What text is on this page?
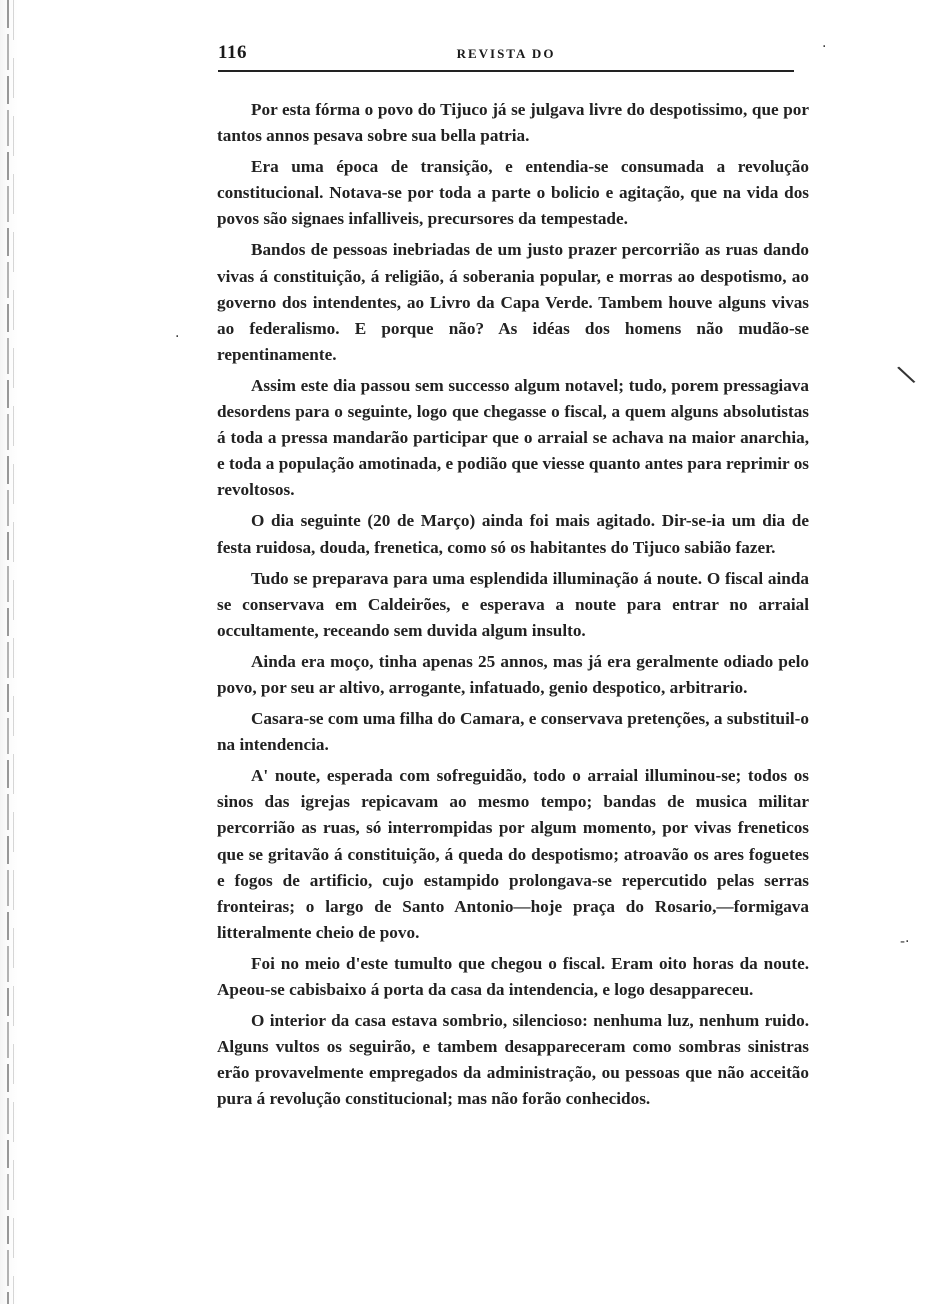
116	REVISTA DO

Por esta fórma o povo do Tijuco já se julgava livre do despotissimo, que por tantos annos pesava sobre sua bella patria.

Era uma época de transição, e entendia-se consumada a revolução constitucional. Notava-se por toda a parte o bolicio e agitação, que na vida dos povos são signaes infalliveis, precursores da tempestade.

Bandos de pessoas inebriadas de um justo prazer percorrião as ruas dando vivas á constituição, á religião, á soberania popular, e morras ao despotismo, ao governo dos intendentes, ao Livro da Capa Verde. Tambem houve alguns vivas ao federalismo. E porque não? As idéas dos homens não mudão-se repentinamente.

Assim este dia passou sem successo algum notavel; tudo, porem pressagiava desordens para o seguinte, logo que chegasse o fiscal, a quem alguns absolutistas á toda a pressa mandarão participar que o arraial se achava na maior anarchia, e toda a população amotinada, e podião que viesse quanto antes para reprimir os revoltosos.

O dia seguinte (20 de Março) ainda foi mais agitado. Dir-se-ia um dia de festa ruidosa, douda, frenetica, como só os habitantes do Tijuco sabião fazer.

Tudo se preparava para uma esplendida illuminação á noute. O fiscal ainda se conservava em Caldeirões, e esperava a noute para entrar no arraial occultamente, receando sem duvida algum insulto.

Ainda era moço, tinha apenas 25 annos, mas já era geralmente odiado pelo povo, por seu ar altivo, arrogante, infatuado, genio despotico, arbitrario.

Casara-se com uma filha do Camara, e conservava pretenções, a substituil-o na intendencia.

A' noute, esperada com sofreguidão, todo o arraial illuminou-se; todos os sinos das igrejas repicavam ao mesmo tempo; bandas de musica militar percorrião as ruas, só interrompidas por algum momento, por vivas freneticos que se gritavão á constituição, á queda do despotismo; atroavão os ares foguetes e fogos de artificio, cujo estampido prolongava-se repercutido pelas serras fronteiras; o largo de Santo Antonio—hoje praça do Rosario,—formigava litteralmente cheio de povo.

Foi no meio d'este tumulto que chegou o fiscal. Eram oito horas da noute. Apeou-se cabisbaixo á porta da casa da intendencia, e logo desappareceu.

O interior da casa estava sombrio, silencioso: nenhuma luz, nenhum ruido. Alguns vultos os seguirão, e tambem desappareceram como sombras sinistras erão provavelmente empregados da administração, ou pessoas que não acceitão pura á revolução constitucional; mas não forão conhecidos.

\
·
·
-·
